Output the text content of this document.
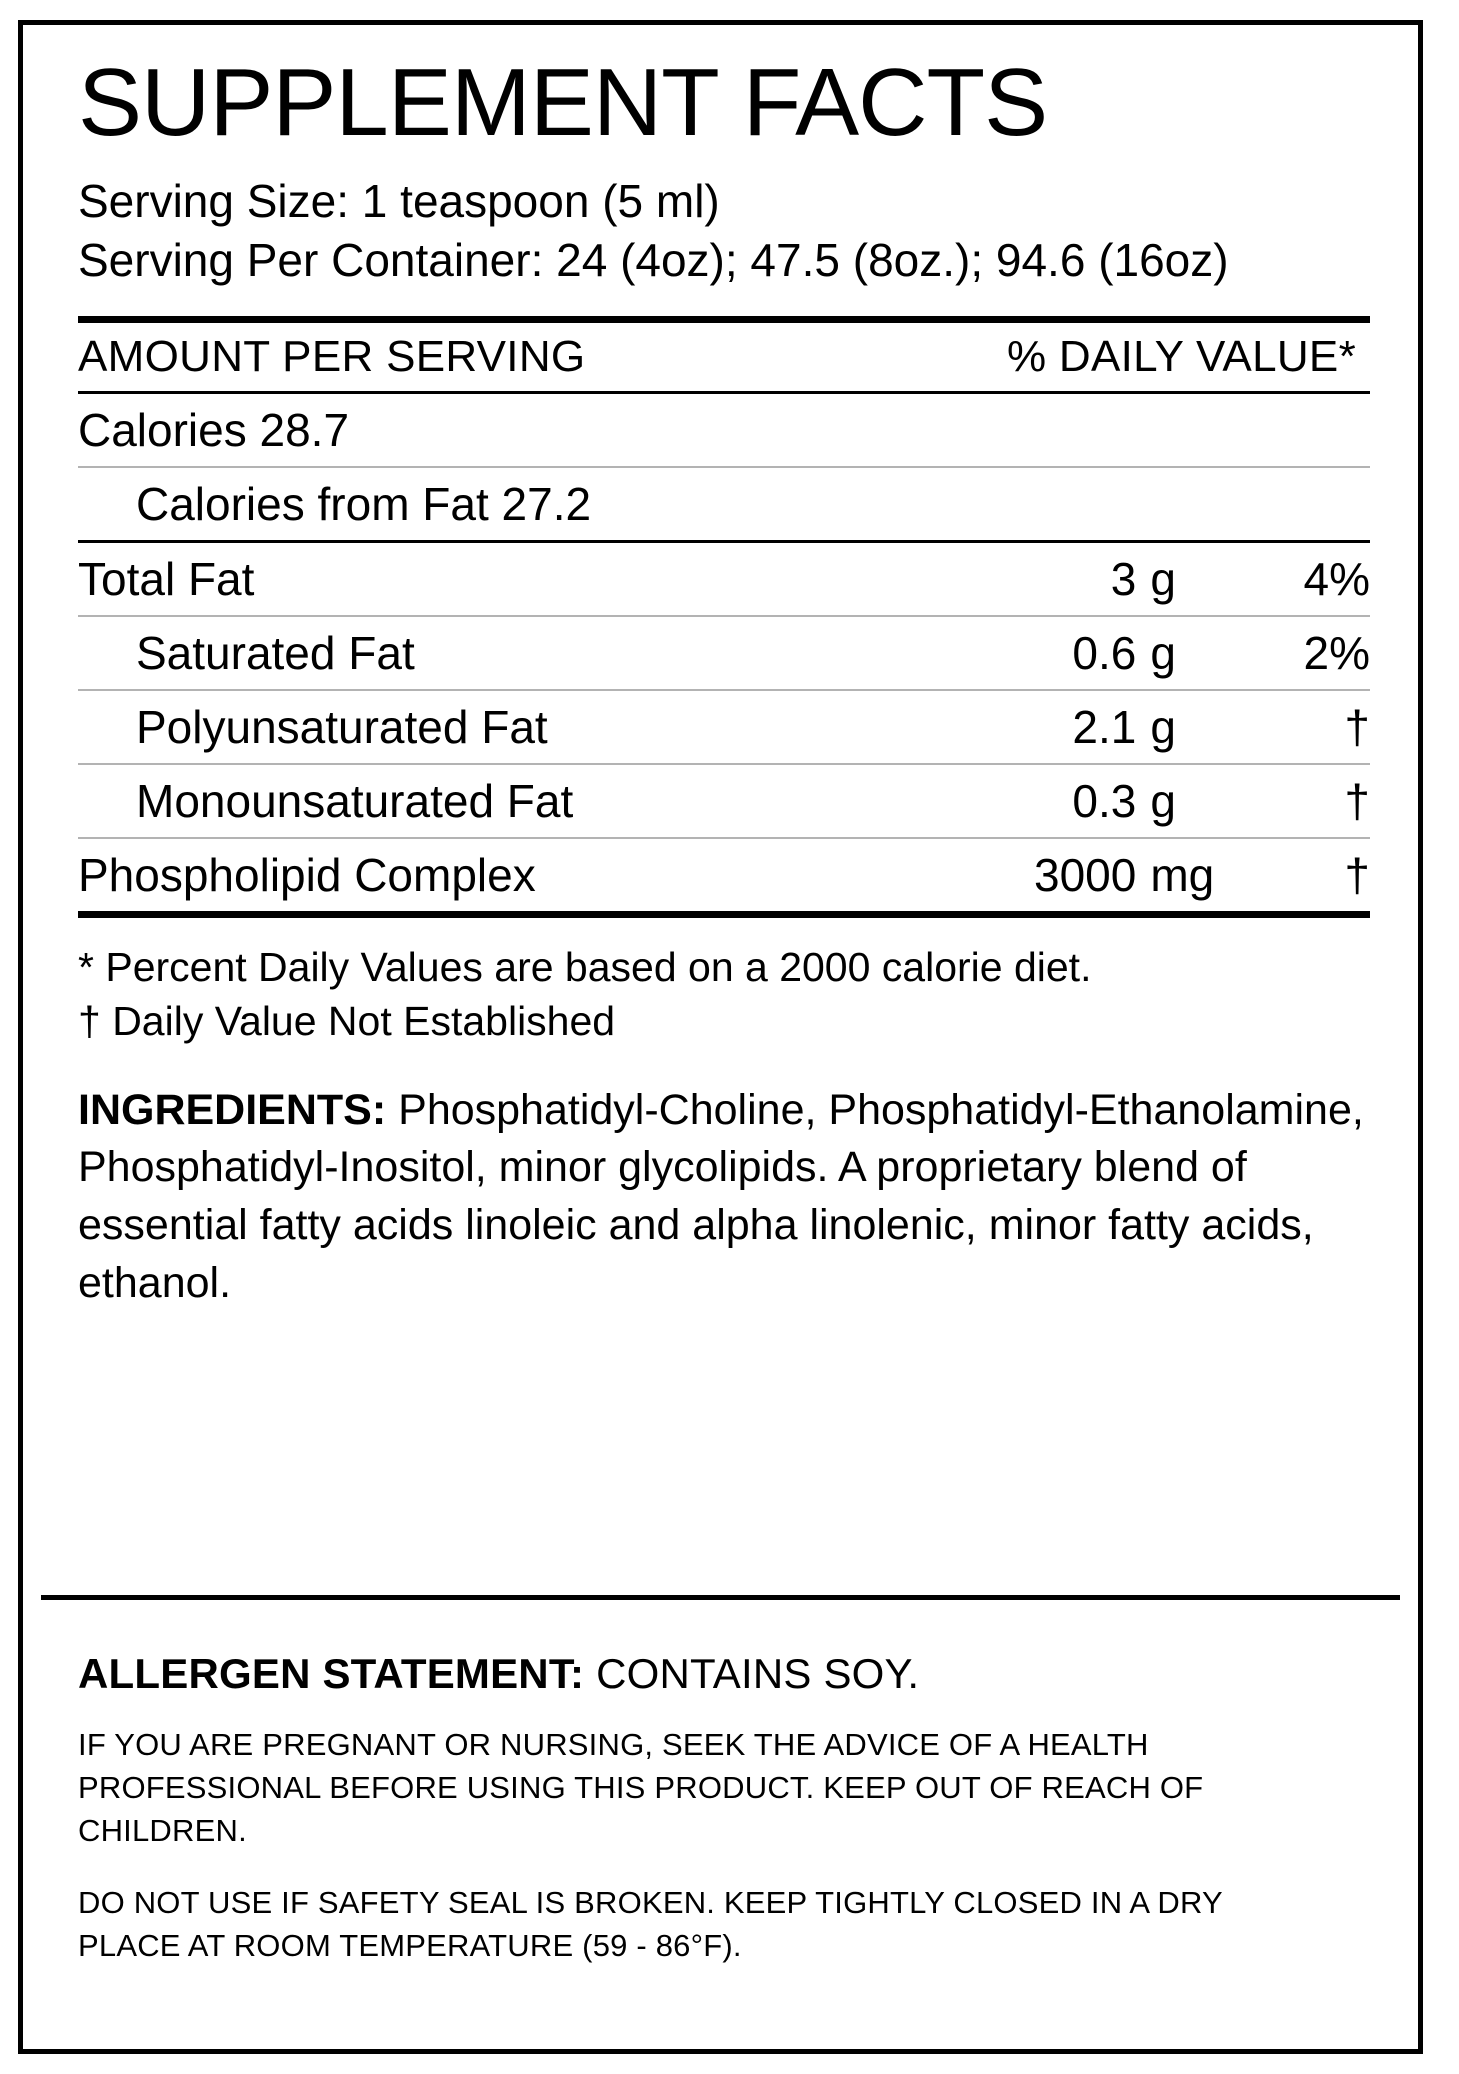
SUPPLEMENT FACTS
Serving Size: 1 teaspoon (5 ml)
Serving Per Container: 24 (4oz); 47.5 (8oz.); 94.6 (16oz)
AMOUNT PER SERVING	% DAILY VALUE*		
Calories 28.7			
Calories from Fat 27.2			
Total Fat	3	g	4%
Saturated Fat	0.6	g	2%
Polyunsaturated Fat	2.1	g	†
Monounsaturated Fat	0.3	g	†
Phospholipid Complex	3000	mg	†
* Percent Daily Values are based on a 2000 calorie diet.
† Daily Value Not Established
INGREDIENTS: Phosphatidyl-Choline, Phosphatidyl-Ethanolamine, Phosphatidyl-Inositol, minor glycolipids. A proprietary blend of essential fatty acids linoleic and alpha linolenic, minor fatty acids, ethanol.

ALLERGEN STATEMENT: CONTAINS SOY.

IF YOU ARE PREGNANT OR NURSING, SEEK THE ADVICE OF A HEALTH PROFESSIONAL BEFORE USING THIS PRODUCT. KEEP OUT OF REACH OF CHILDREN.
DO NOT USE IF SAFETY SEAL IS BROKEN. KEEP TIGHTLY CLOSED IN A DRY PLACE AT ROOM TEMPERATURE (59 - 86°F).
